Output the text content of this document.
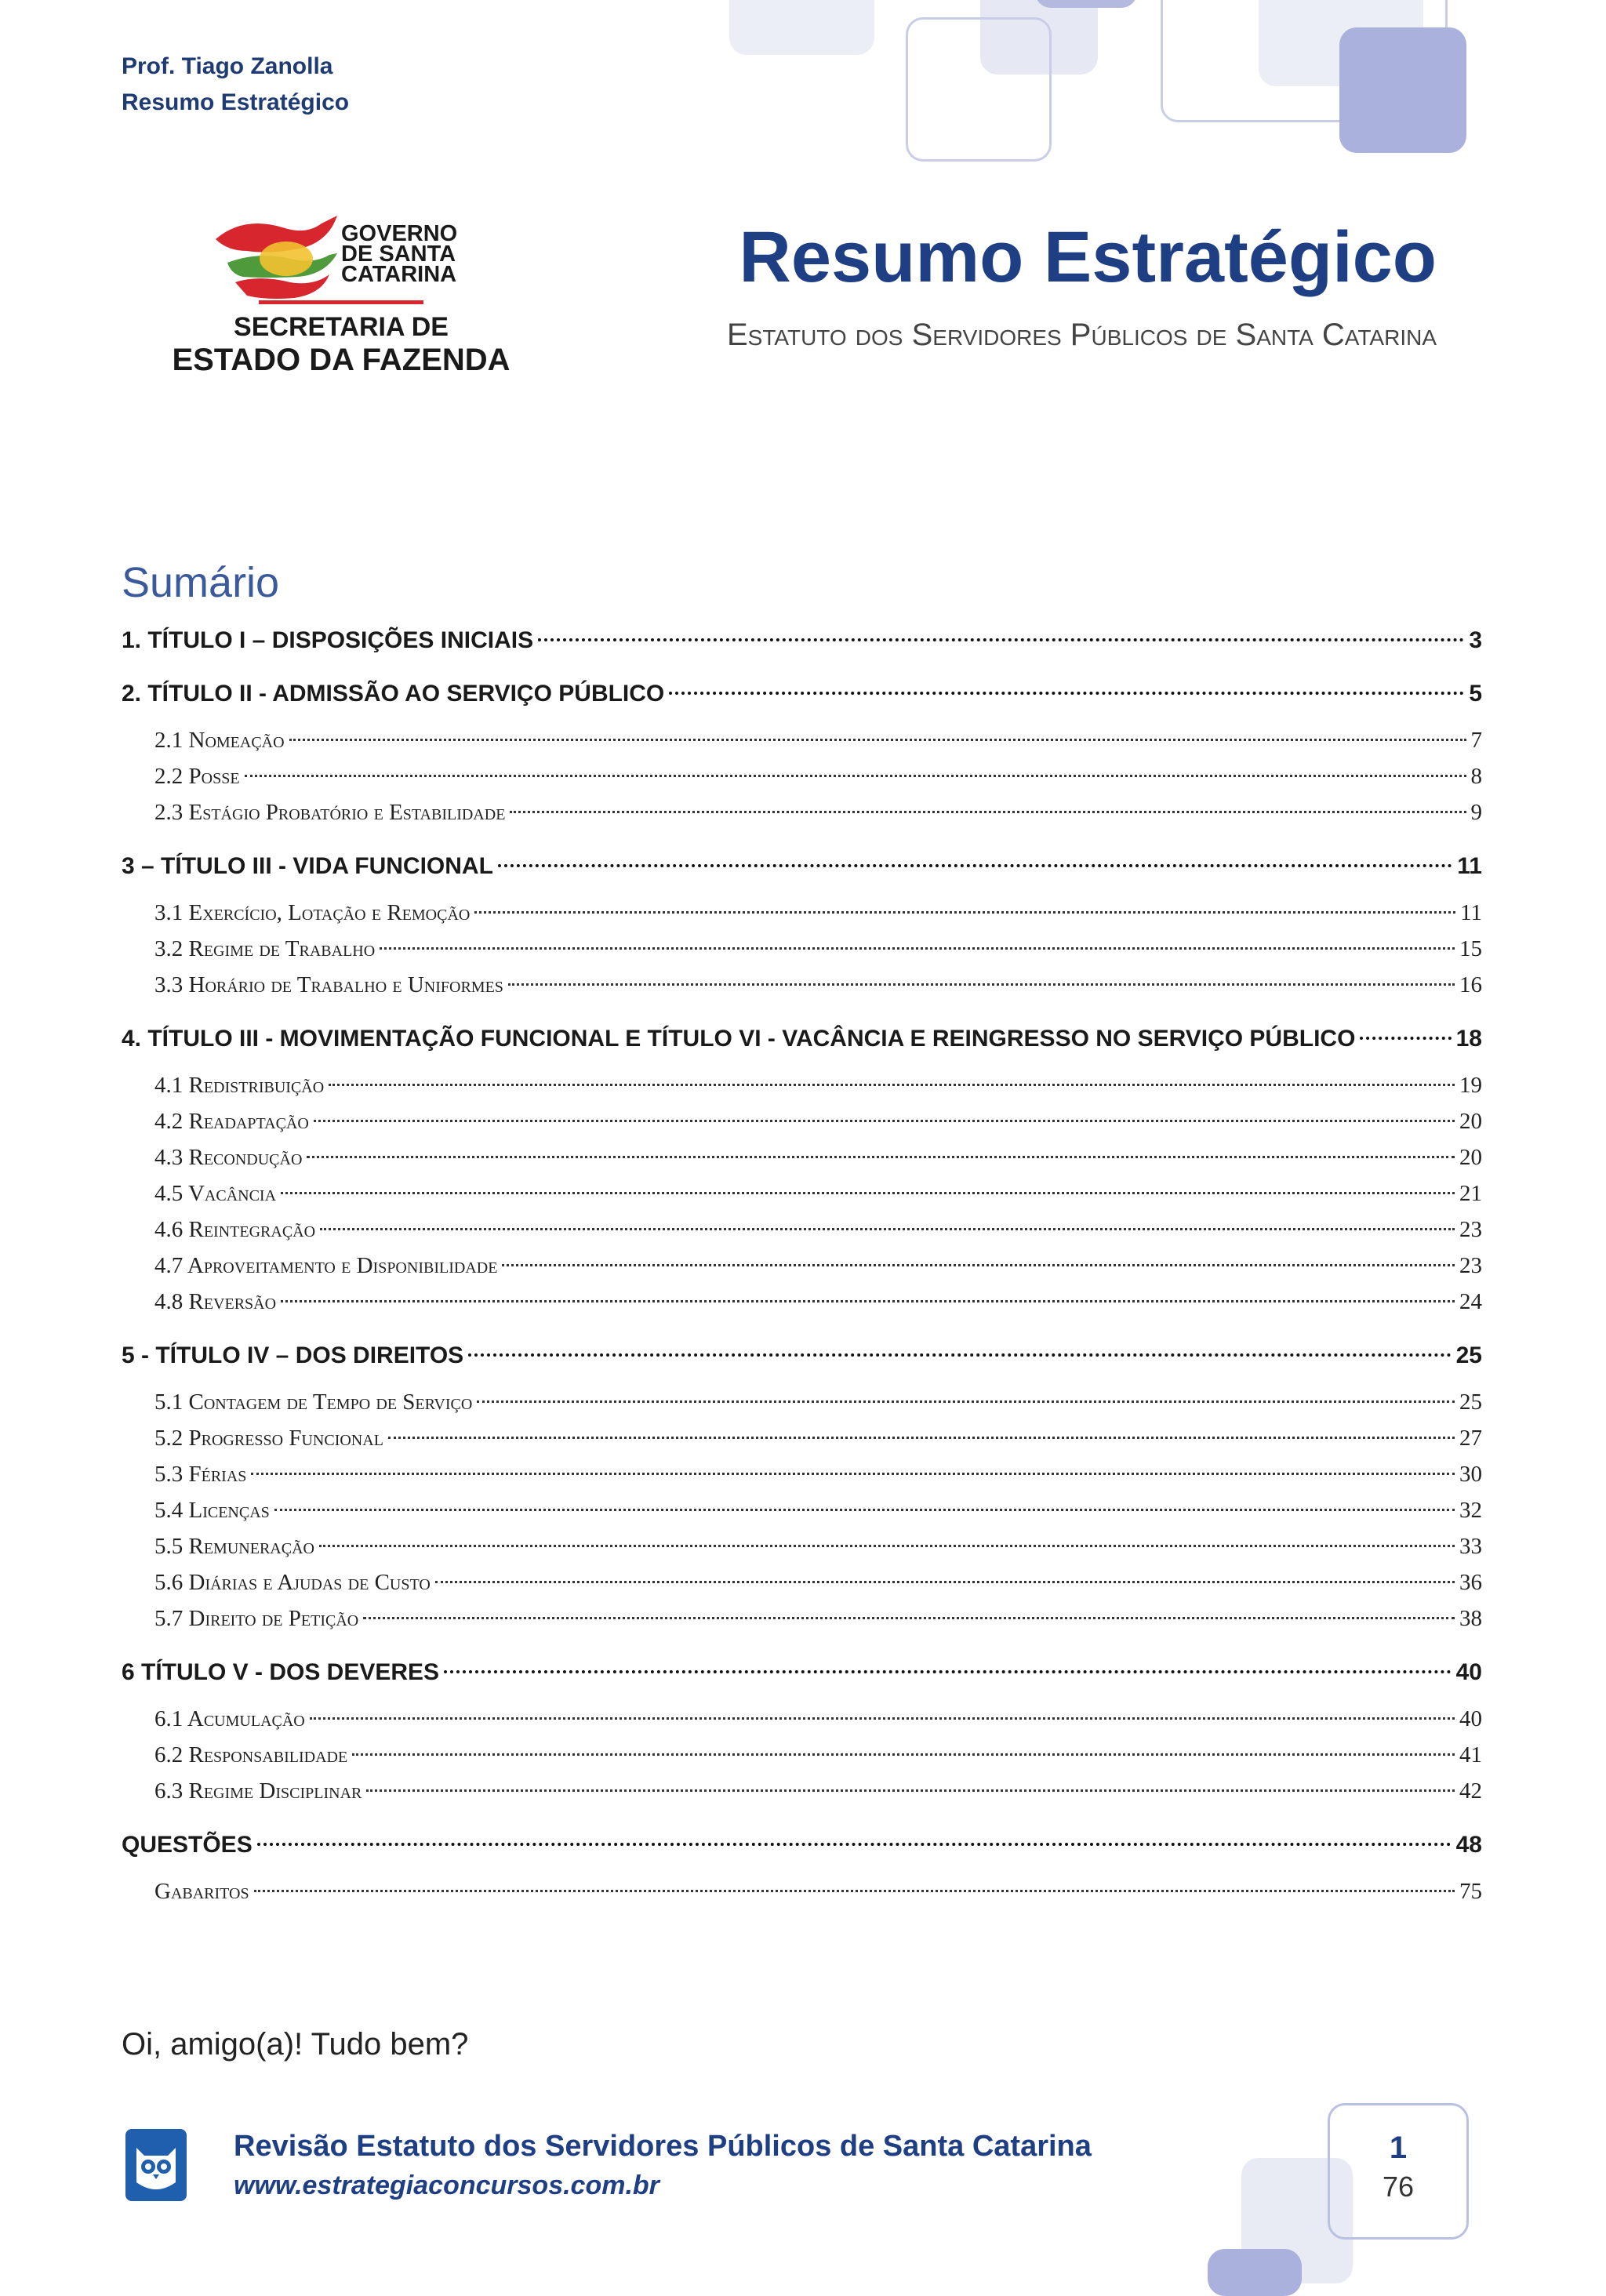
Prof. Tiago Zanolla
Resumo Estratégico
GOVERNO
DE SANTA
CATARINA
SECRETARIA DE
ESTADO DA FAZENDA
Resumo Estratégico
Estatuto dos Servidores Públicos de Santa Catarina
Sumário
1. TÍTULO I – DISPOSIÇÕES INICIAIS	3
2. TÍTULO II - ADMISSÃO AO SERVIÇO PÚBLICO	5
2.1 Nomeação	7
2.2 Posse	8
2.3 Estágio Probatório e Estabilidade	9
3 – TÍTULO III - VIDA FUNCIONAL	11
3.1 Exercício, Lotação e Remoção	11
3.2 Regime de Trabalho	15
3.3 Horário de Trabalho e Uniformes	16
4. TÍTULO III - MOVIMENTAÇÃO FUNCIONAL E TÍTULO VI - VACÂNCIA E REINGRESSO NO SERVIÇO PÚBLICO	18
4.1 Redistribuição	19
4.2 Readaptação	20
4.3 Recondução	20
4.5 Vacância	21
4.6 Reintegração	23
4.7 Aproveitamento e Disponibilidade	23
4.8 Reversão	24
5 - TÍTULO IV – DOS DIREITOS	25
5.1 Contagem de Tempo de Serviço	25
5.2 Progresso Funcional	27
5.3 Férias	30
5.4 Licenças	32
5.5 Remuneração	33
5.6 Diárias e Ajudas de Custo	36
5.7 Direito de Petição	38
6 TÍTULO V - DOS DEVERES	40
6.1 Acumulação	40
6.2 Responsabilidade	41
6.3 Regime Disciplinar	42
QUESTÕES	48
Gabaritos	75
Oi, amigo(a)! Tudo bem?
Revisão Estatuto dos Servidores Públicos de Santa Catarina
www.estrategiaconcursos.com.br
1
76
